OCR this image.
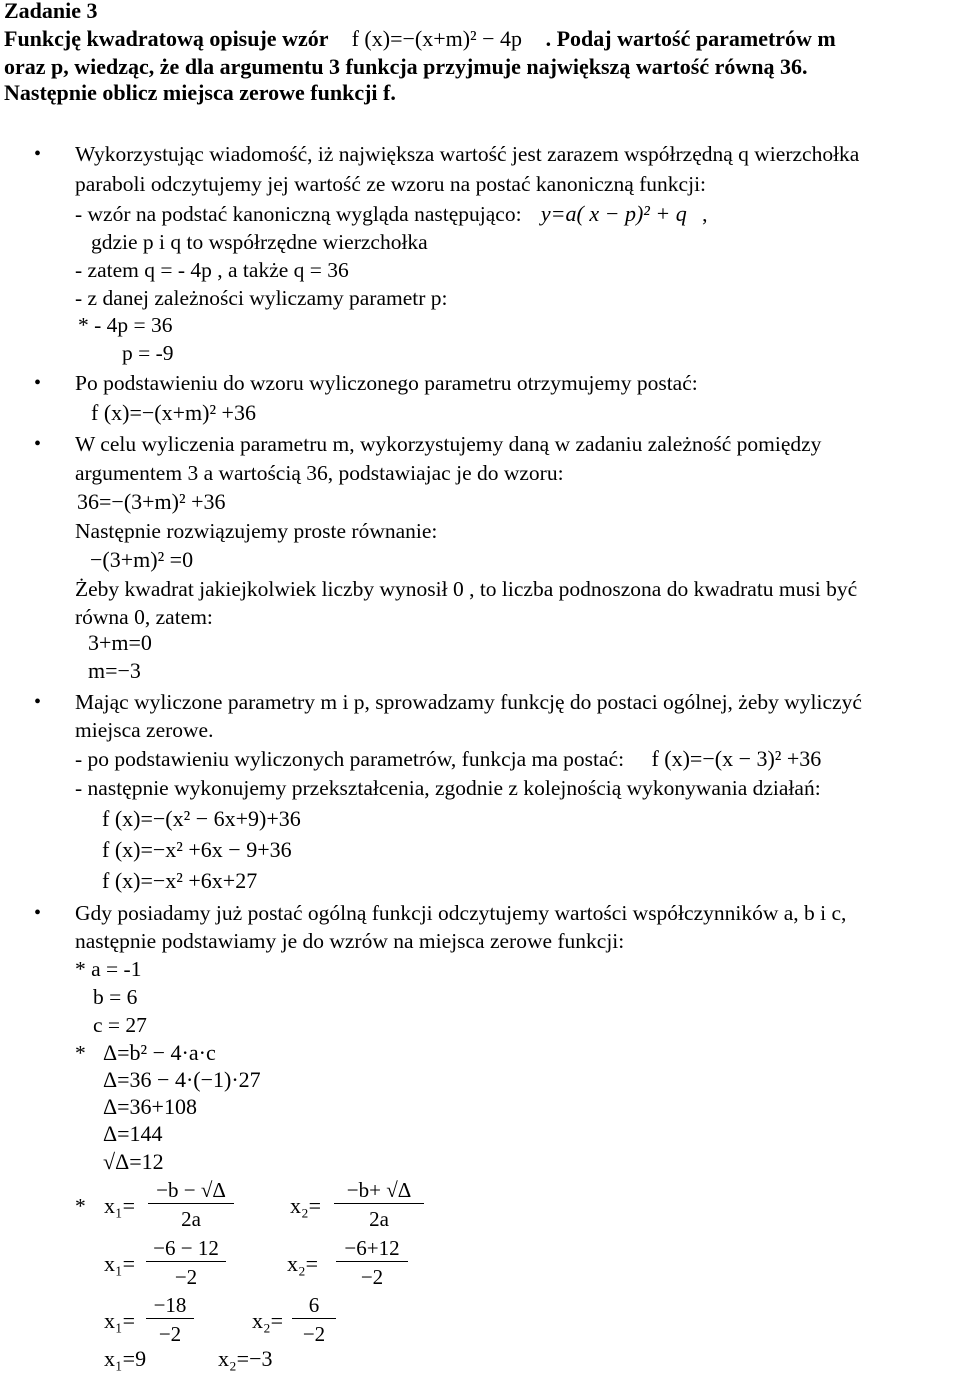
Zadanie 3
Funkcję kwadratową opisuje wzór f (x)=−(x+m)² − 4p . Podaj wartość parametrów m
oraz p, wiedząc, że dla argumentu 3 funkcja przyjmuje największą wartość równą 36.
Następnie oblicz miejsca zerowe funkcji f.
• Wykorzystując wiadomość, iż największa wartość jest zarazem współrzędną q wierzchołka
paraboli odczytujemy jej wartość ze wzoru na postać kanoniczną funkcji:
- wzór na podstać kanoniczną wygląda następująco: y=a( x − p)² + q ,
gdzie p i q to współrzędne wierzchołka
- zatem q = - 4p , a także q = 36
- z danej zależności wyliczamy parametr p:
* - 4p = 36
p = -9
• Po podstawieniu do wzoru wyliczonego parametru otrzymujemy postać:
f (x)=−(x+m)² +36
• W celu wyliczenia parametru m, wykorzystujemy daną w zadaniu zależność pomiędzy
argumentem 3 a wartością 36, podstawiajac je do wzoru:
36=−(3+m)² +36
Następnie rozwiązujemy proste równanie:
−(3+m)² =0
Żeby kwadrat jakiejkolwiek liczby wynosił 0 , to liczba podnoszona do kwadratu musi być
równa 0, zatem:
3+m=0
m=−3
• Mając wyliczone parametry m i p, sprowadzamy funkcję do postaci ogólnej, żeby wyliczyć
miejsca zerowe.
- po podstawieniu wyliczonych parametrów, funkcja ma postać: f (x)=−(x − 3)² +36
- następnie wykonujemy przekształcenia, zgodnie z kolejnością wykonywania działań:
f (x)=−(x² − 6x+9)+36
f (x)=−x² +6x − 9+36
f (x)=−x² +6x+27
• Gdy posiadamy już postać ogólną funkcji odczytujemy wartości współczynników a, b i c,
następnie podstawiamy je do wzrów na miejsca zerowe funkcji:
* a = -1
b = 6
c = 27
* Δ=b² − 4·a·c
Δ=36 − 4·(−1)·27
Δ=36+108
Δ=144
√Δ=12
* $x_1= \frac{-b - √\Delta}{2a}$	$x_2= \frac{-b+ √\Delta}{2a}$
$x_1= \frac{-6 - 12}{-2}$	$x_2= \frac{-6+12}{-2}$
$x_1= \frac{-18}{-2}$	$x_2= \frac{6}{-2}$
x₁=9	x₂=−3
